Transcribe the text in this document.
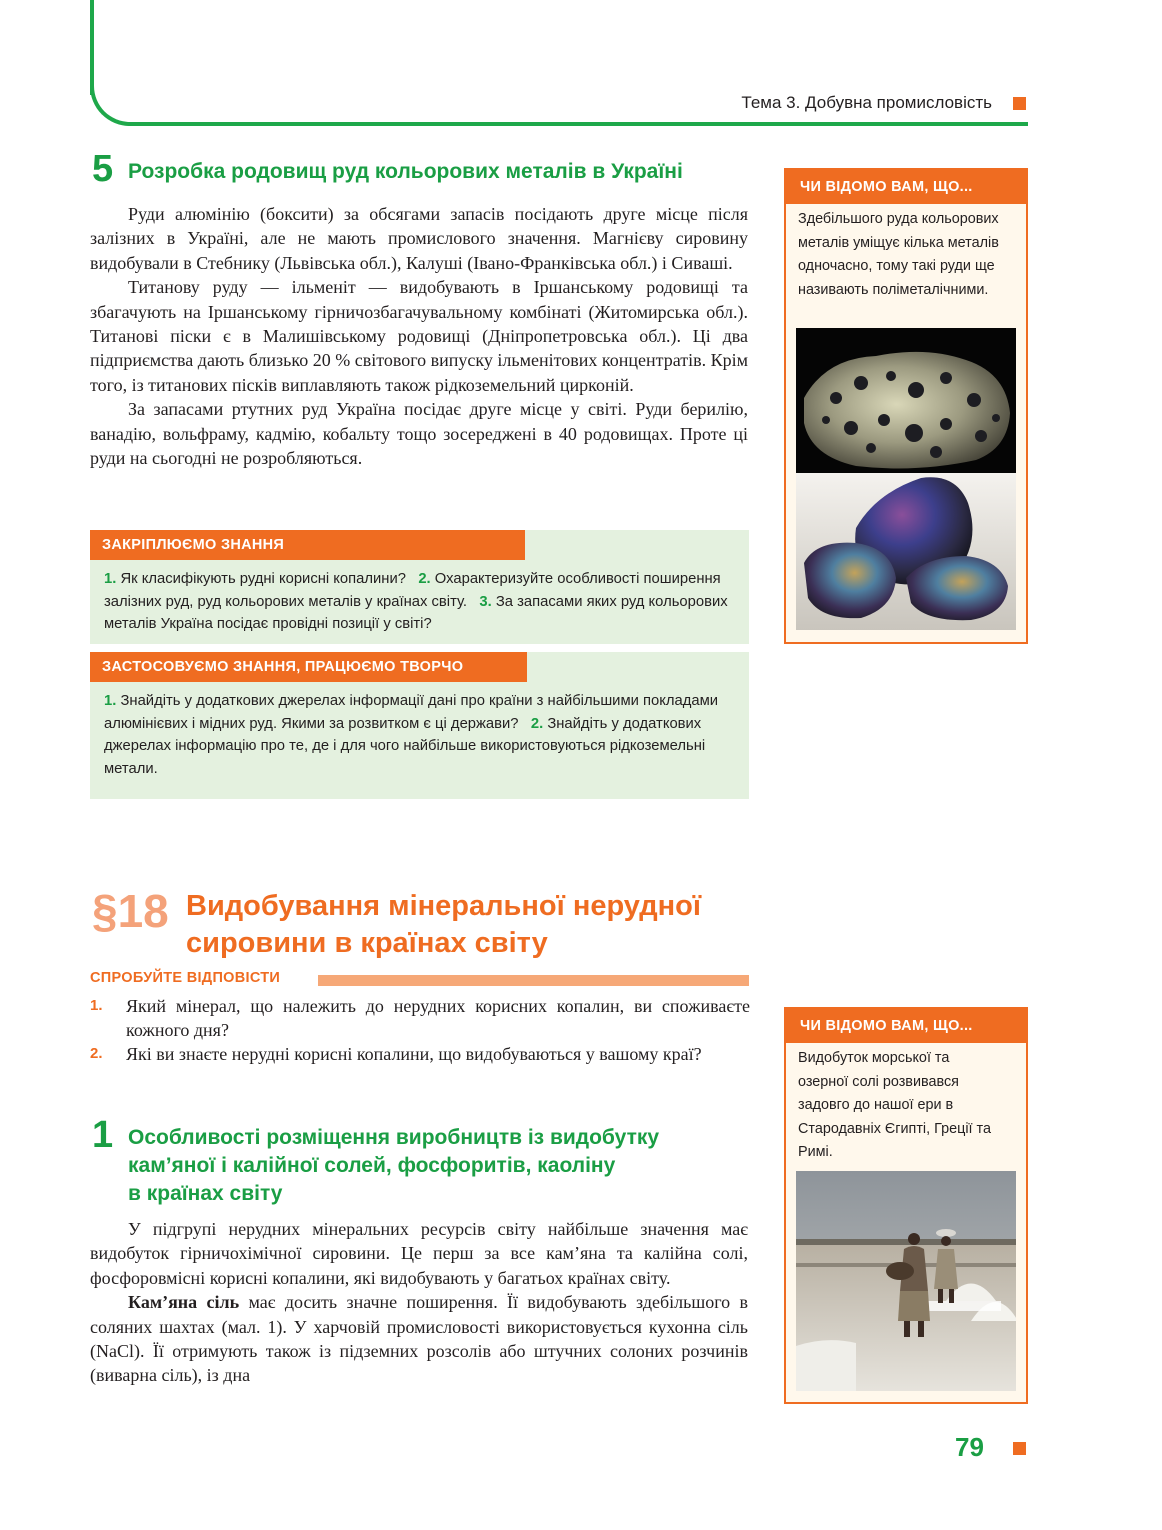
Тема 3. Добувна промисловість
5 Розробка родовищ руд кольорових металів в Україні

Руди алюмінію (боксити) за обсягами запасів посідають друге місце після залізних в Україні, але не мають промислового значення. Магнієву сировину видобували в Стебнику (Львівська обл.), Калуші (Івано-Франківська обл.) і Сиваші.

Титанову руду — ільменіт — видобувають в Іршанському родовищі та збагачують на Іршанському гірничозбагачувальному комбінаті (Житомирська обл.). Титанові піски є в Малишівському родовищі (Дніпропетровська обл.). Ці два підприємства дають близько 20 % світового випуску ільменітових концентратів. Крім того, із титанових пісків виплавляють також рідкоземельний цирконій.

За запасами ртутних руд Україна посідає друге місце у світі. Руди берилію, ванадію, вольфраму, кадмію, кобальту тощо зосереджені в 40 родовищах. Проте ці руди на сьогодні не розробляються.

ЗАКРІПЛЮЄМО ЗНАННЯ
1. Як класифікують рудні корисні копалини? 2. Охарактеризуйте особливості поширення залізних руд, руд кольорових металів у країнах світу. 3. За запасами яких руд кольорових металів Україна посідає провідні позиції у світі?
ЗАСТОСОВУЄМО ЗНАННЯ, ПРАЦЮЄМО ТВОРЧО
1. Знайдіть у додаткових джерелах інформації дані про країни з найбільшими покладами алюмінієвих і мідних руд. Якими за розвитком є ці держави? 2. Знайдіть у додаткових джерелах інформацію про те, де і для чого найбільше використовуються рідкоземельні метали.
ЧИ ВІДОМО ВАМ, ЩО...
Здебільшого руда кольорових металів уміщує кілька металів одночасно, тому такі руди ще називають поліметалічними.
§18 Видобування мінеральної нерудної
сировини в країнах світу
СПРОБУЙТЕ ВІДПОВІСТИ
1. Який мінерал, що належить до нерудних корисних копалин, ви споживаєте кожного дня?
2. Які ви знаєте нерудні корисні копалини, що видобуваються у вашому краї?
1 Особливості розміщення виробництв із видобутку
кам’яної і калійної солей, фосфоритів, каоліну
в країнах світу

У підгрупі нерудних мінеральних ресурсів світу найбільше значення має видобуток гірничохімічної сировини. Це перш за все кам’яна та калійна солі, фосфоровмісні корисні копалини, які видобувають у багатьох країнах світу.

Кам’яна сіль має досить значне поширення. Її видобувають здебільшого в соляних шахтах (мал. 1). У харчовій промисловості використовується кухонна сіль (NaCl). Її отримують також із підземних розсолів або штучних солоних розчинів (виварна сіль), із дна

ЧИ ВІДОМО ВАМ, ЩО...
Видобуток морської та озерної солі розвивався задовго до нашої ери в Стародавніх Єгипті, Греції та Римі.
79
